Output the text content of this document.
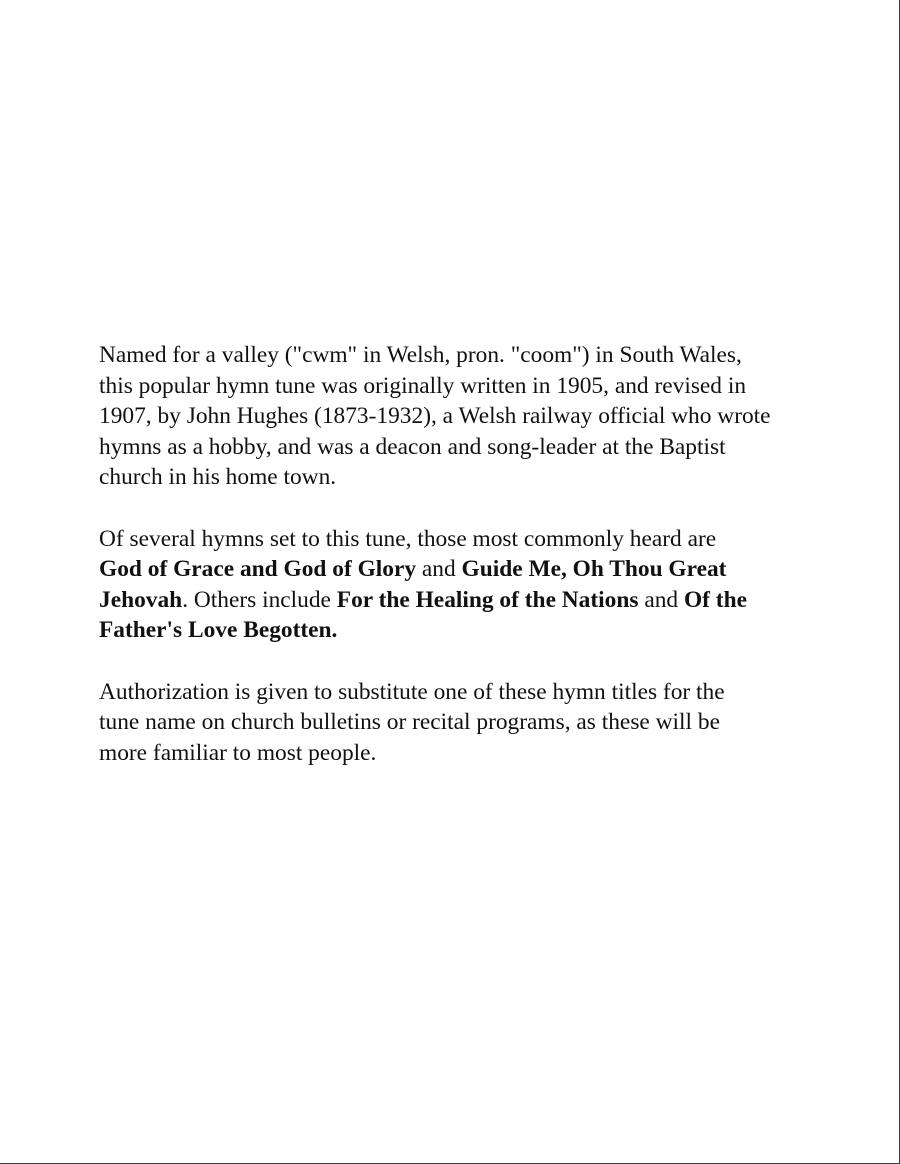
Named for a valley ("cwm" in Welsh, pron. "coom") in South Wales,
this popular hymn tune was originally written in 1905, and revised in
1907, by John Hughes (1873-1932), a Welsh railway official who wrote
hymns as a hobby, and was a deacon and song-leader at the Baptist
church in his home town.

Of several hymns set to this tune, those most commonly heard are
God of Grace and God of Glory and Guide Me, Oh Thou Great
Jehovah. Others include For the Healing of the Nations and Of the
Father's Love Begotten.

Authorization is given to substitute one of these hymn titles for the
tune name on church bulletins or recital programs, as these will be
more familiar to most people.
